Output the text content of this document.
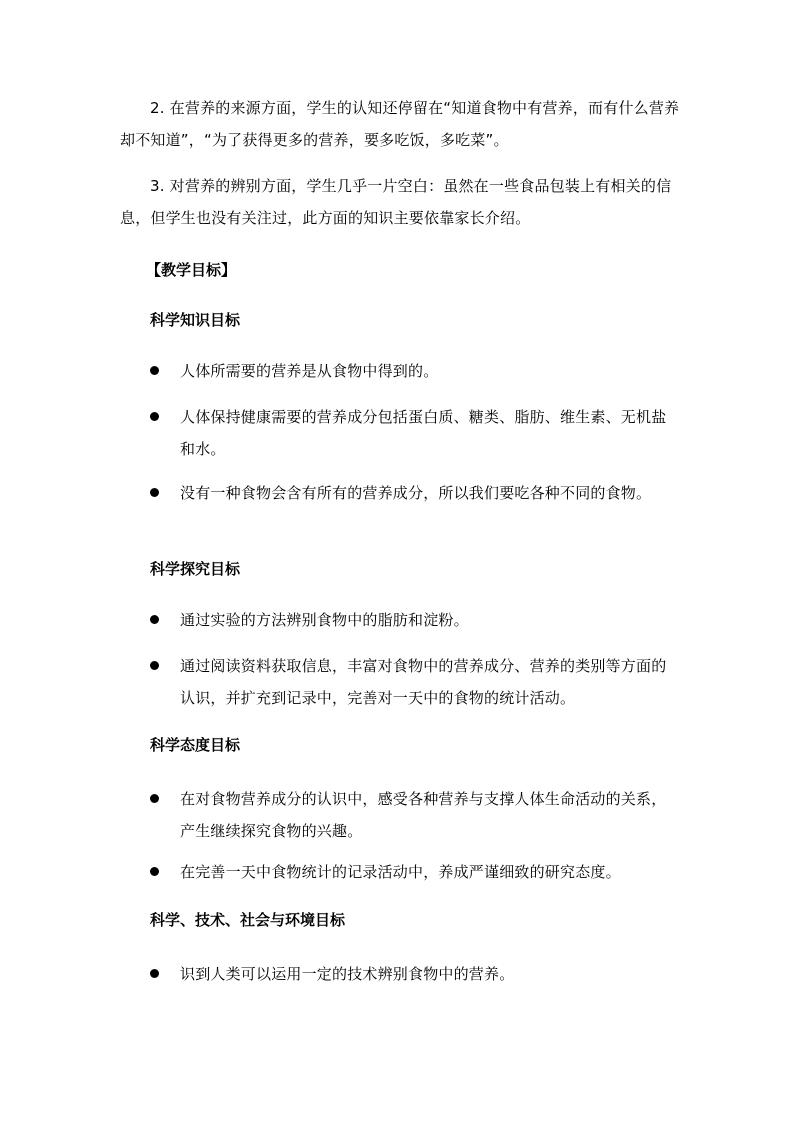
2. 在营养的来源方面，学生的认知还停留在“知道食物中有营养，而有什么营养却不知道”，“为了获得更多的营养，要多吃饭，多吃菜”。

3. 对营养的辨别方面，学生几乎一片空白：虽然在一些食品包装上有相关的信息，但学生也没有关注过，此方面的知识主要依靠家长介绍。

【教学目标】

科学知识目标

人体所需要的营养是从食物中得到的。
人体保持健康需要的营养成分包括蛋白质、糖类、脂肪、维生素、无机盐和水。
没有一种食物会含有所有的营养成分，所以我们要吃各种不同的食物。

科学探究目标

通过实验的方法辨别食物中的脂肪和淀粉。
通过阅读资料获取信息，丰富对食物中的营养成分、营养的类别等方面的认识，并扩充到记录中，完善对一天中的食物的统计活动。

科学态度目标

在对食物营养成分的认识中，感受各种营养与支撑人体生命活动的关系，产生继续探究食物的兴趣。
在完善一天中食物统计的记录活动中，养成严谨细致的研究态度。

科学、技术、社会与环境目标

识到人类可以运用一定的技术辨别食物中的营养。
